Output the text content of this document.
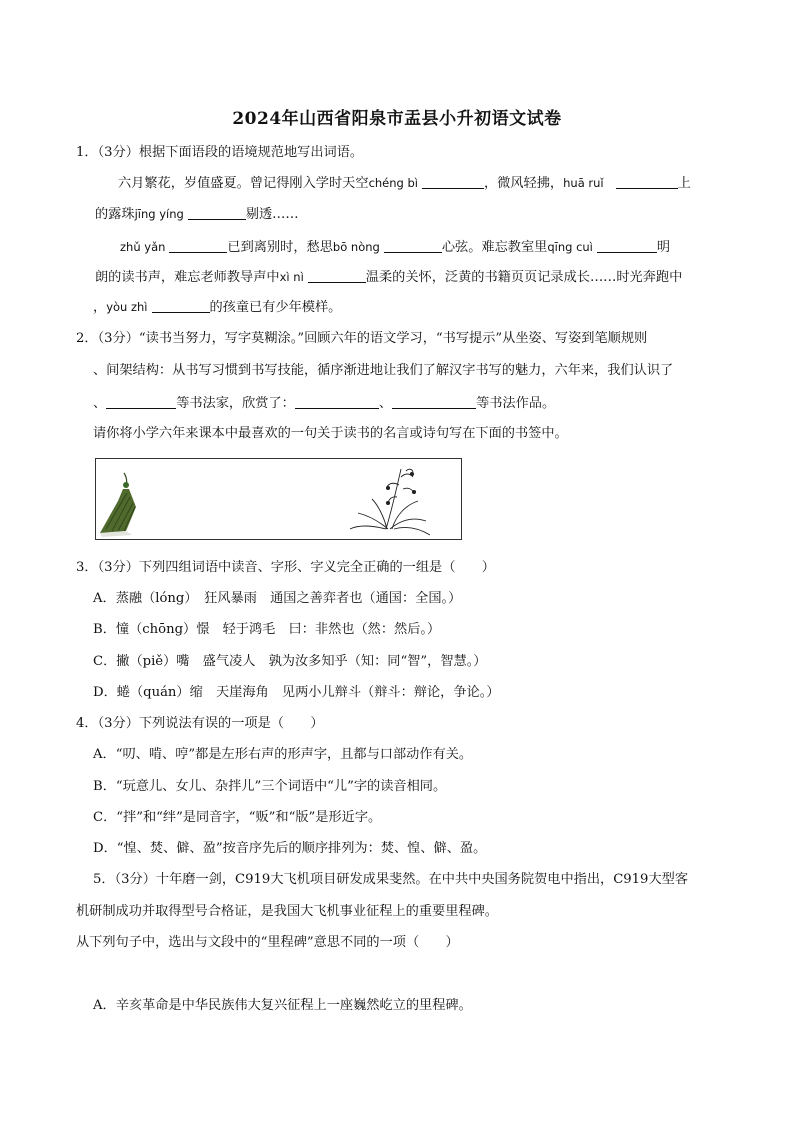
2024年山西省阳泉市盂县小升初语文试卷
1．（3分）根据下面语段的语境规范地写出词语。
六月繁花，岁值盛夏。曾记得刚入学时天空chéng bì	，微风轻拂，huā ruǐ	上
的露珠jīng yíng	剔透……
zhǔ yǎn	已到离别时，愁思bō nòng	心弦。难忘教室里qīng cuì	明
朗的读书声，难忘老师教导声中xì nì	温柔的关怀，泛黄的书籍页页记录成长……时光奔跑中
，yòu zhì	的孩童已有少年模样。
2．（3分）“读书当努力，写字莫糊涂。”回顾六年的语文学习，“书写提示”从坐姿、写姿到笔顺规则
、间架结构：从书写习惯到书写技能，循序渐进地让我们了解汉字书写的魅力，六年来，我们认识了
、	等书法家，欣赏了：	、	等书法作品。
请你将小学六年来课本中最喜欢的一句关于读书的名言或诗句写在下面的书签中。
3．（3分）下列四组词语中读音、字形、字义完全正确的一组是（　　）
A．蒸融（lóng）　狂风暴雨　通国之善弈者也（通国：全国。）
B．憧（chōng）憬　轻于鸿毛　曰：非然也（然：然后。）
C．撇（piě）嘴　盛气凌人　孰为汝多知乎（知：同“智”，智慧。）
D．蜷（quán）缩　天崖海角　见两小儿辩斗（辩斗：辩论，争论。）
4．（3分）下列说法有误的一项是（　　）
A．“叨、啃、哼”都是左形右声的形声字，且都与口部动作有关。
B．“玩意儿、女儿、杂拌儿”三个词语中“儿”字的读音相同。
C．“拌”和“绊”是同音字，“贩”和“版”是形近字。
D．“惶、焚、僻、盈”按音序先后的顺序排列为：焚、惶、僻、盈。
5．（3分）十年磨一剑，C919大飞机项目研发成果斐然。在中共中央国务院贺电中指出，C919大型客
机研制成功并取得型号合格证，是我国大飞机事业征程上的重要里程碑。
从下列句子中，选出与文段中的“里程碑”意思不同的一项（　　）
A．辛亥革命是中华民族伟大复兴征程上一座巍然屹立的里程碑。
